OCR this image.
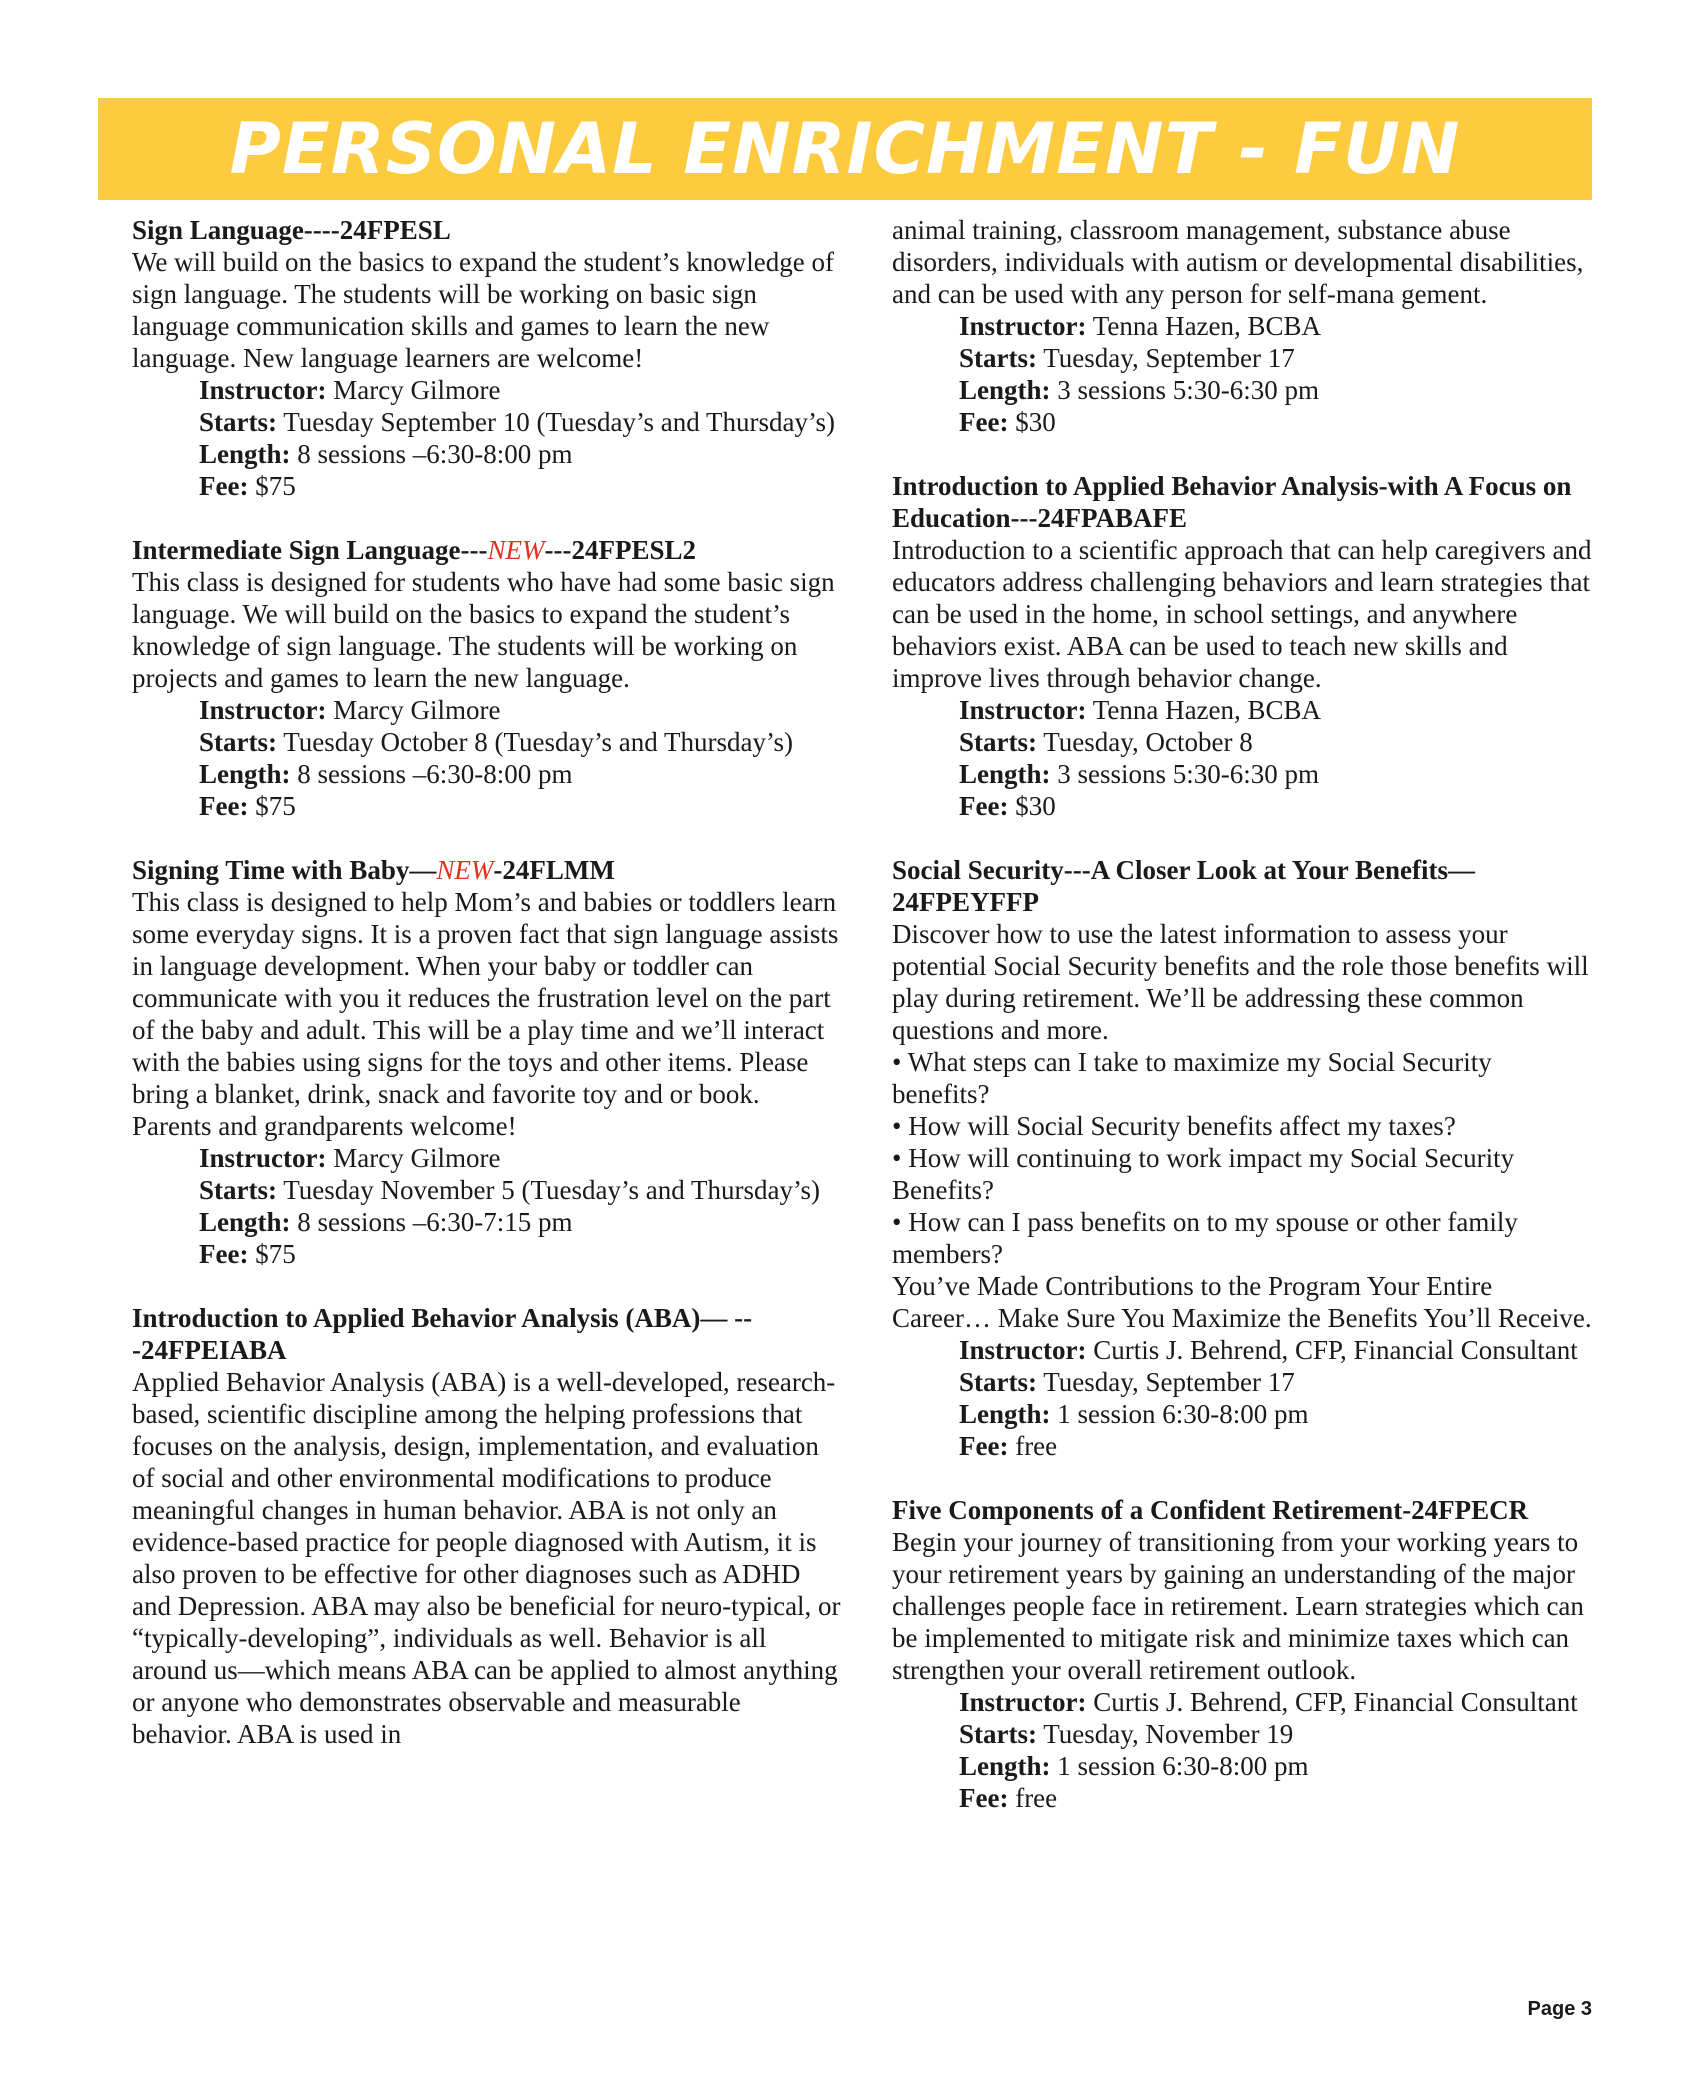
PERSONAL ENRICHMENT - FUN
Sign Language----24FPESL

We will build on the basics to expand the student’s knowledge of sign language. The students will be working on basic sign language communication skills and games to learn the new language. New language learners are welcome!

Instructor: Marcy Gilmore

Starts: Tuesday September 10 (Tuesday’s and Thursday’s)

Length: 8 sessions –6:30-8:00 pm

Fee: $75

Intermediate Sign Language---NEW---24FPESL2

This class is designed for students who have had some basic sign language. We will build on the basics to expand the student’s knowledge of sign language. The students will be working on projects and games to learn the new language.

Instructor: Marcy Gilmore

Starts: Tuesday October 8 (Tuesday’s and Thursday’s)

Length: 8 sessions –6:30-8:00 pm

Fee: $75

Signing Time with Baby—NEW-24FLMM

This class is designed to help Mom’s and babies or toddlers learn some everyday signs. It is a proven fact that sign language assists in language development. When your baby or toddler can communicate with you it reduces the frustration level on the part of the baby and adult. This will be a play time and we’ll interact with the babies using signs for the toys and other items. Please bring a blanket, drink, snack and favorite toy and or book. Parents and grandparents welcome!

Instructor: Marcy Gilmore

Starts: Tuesday November 5 (Tuesday’s and Thursday’s)

Length: 8 sessions –6:30-7:15 pm

Fee: $75

Introduction to Applied Behavior Analysis (ABA)— ---24FPEIABA

Applied Behavior Analysis (ABA) is a well-developed, research-based, scientific discipline among the helping professions that focuses on the analysis, design, implementation, and evaluation of social and other environmental modifications to produce meaningful changes in human behavior. ABA is not only an evidence-based practice for people diagnosed with Autism, it is also proven to be effective for other diagnoses such as ADHD and Depression. ABA may also be beneficial for neuro-typical, or “typically-developing”, individuals as well. Behavior is all around us—which means ABA can be applied to almost anything or anyone who demonstrates observable and measurable behavior. ABA is used in

animal training, classroom management, substance abuse disorders, individuals with autism or developmental disabilities, and can be used with any person for self-mana gement.

Instructor: Tenna Hazen, BCBA

Starts: Tuesday, September 17

Length: 3 sessions 5:30-6:30 pm

Fee: $30

Introduction to Applied Behavior Analysis-with A Focus on Education---24FPABAFE

Introduction to a scientific approach that can help caregivers and educators address challenging behaviors and learn strategies that can be used in the home, in school settings, and anywhere behaviors exist. ABA can be used to teach new skills and improve lives through behavior change.

Instructor: Tenna Hazen, BCBA

Starts: Tuesday, October 8

Length: 3 sessions 5:30-6:30 pm

Fee: $30

Social Security---A Closer Look at Your Benefits—24FPEYFFP

Discover how to use the latest information to assess your potential Social Security benefits and the role those benefits will play during retirement. We’ll be addressing these common questions and more.

• What steps can I take to maximize my Social Security benefits?

• How will Social Security benefits affect my taxes?

• How will continuing to work impact my Social Security Benefits?

• How can I pass benefits on to my spouse or other family members?

You’ve Made Contributions to the Program Your Entire Career… Make Sure You Maximize the Benefits You’ll Receive.

Instructor: Curtis J. Behrend, CFP, Financial Consultant

Starts: Tuesday, September 17

Length: 1 session 6:30-8:00 pm

Fee: free

Five Components of a Confident Retirement-24FPECR

Begin your journey of transitioning from your working years to your retirement years by gaining an understanding of the major challenges people face in retirement. Learn strategies which can be implemented to mitigate risk and minimize taxes which can strengthen your overall retirement outlook.

Instructor: Curtis J. Behrend, CFP, Financial Consultant

Starts: Tuesday, November 19

Length: 1 session 6:30-8:00 pm

Fee: free

Page 3
